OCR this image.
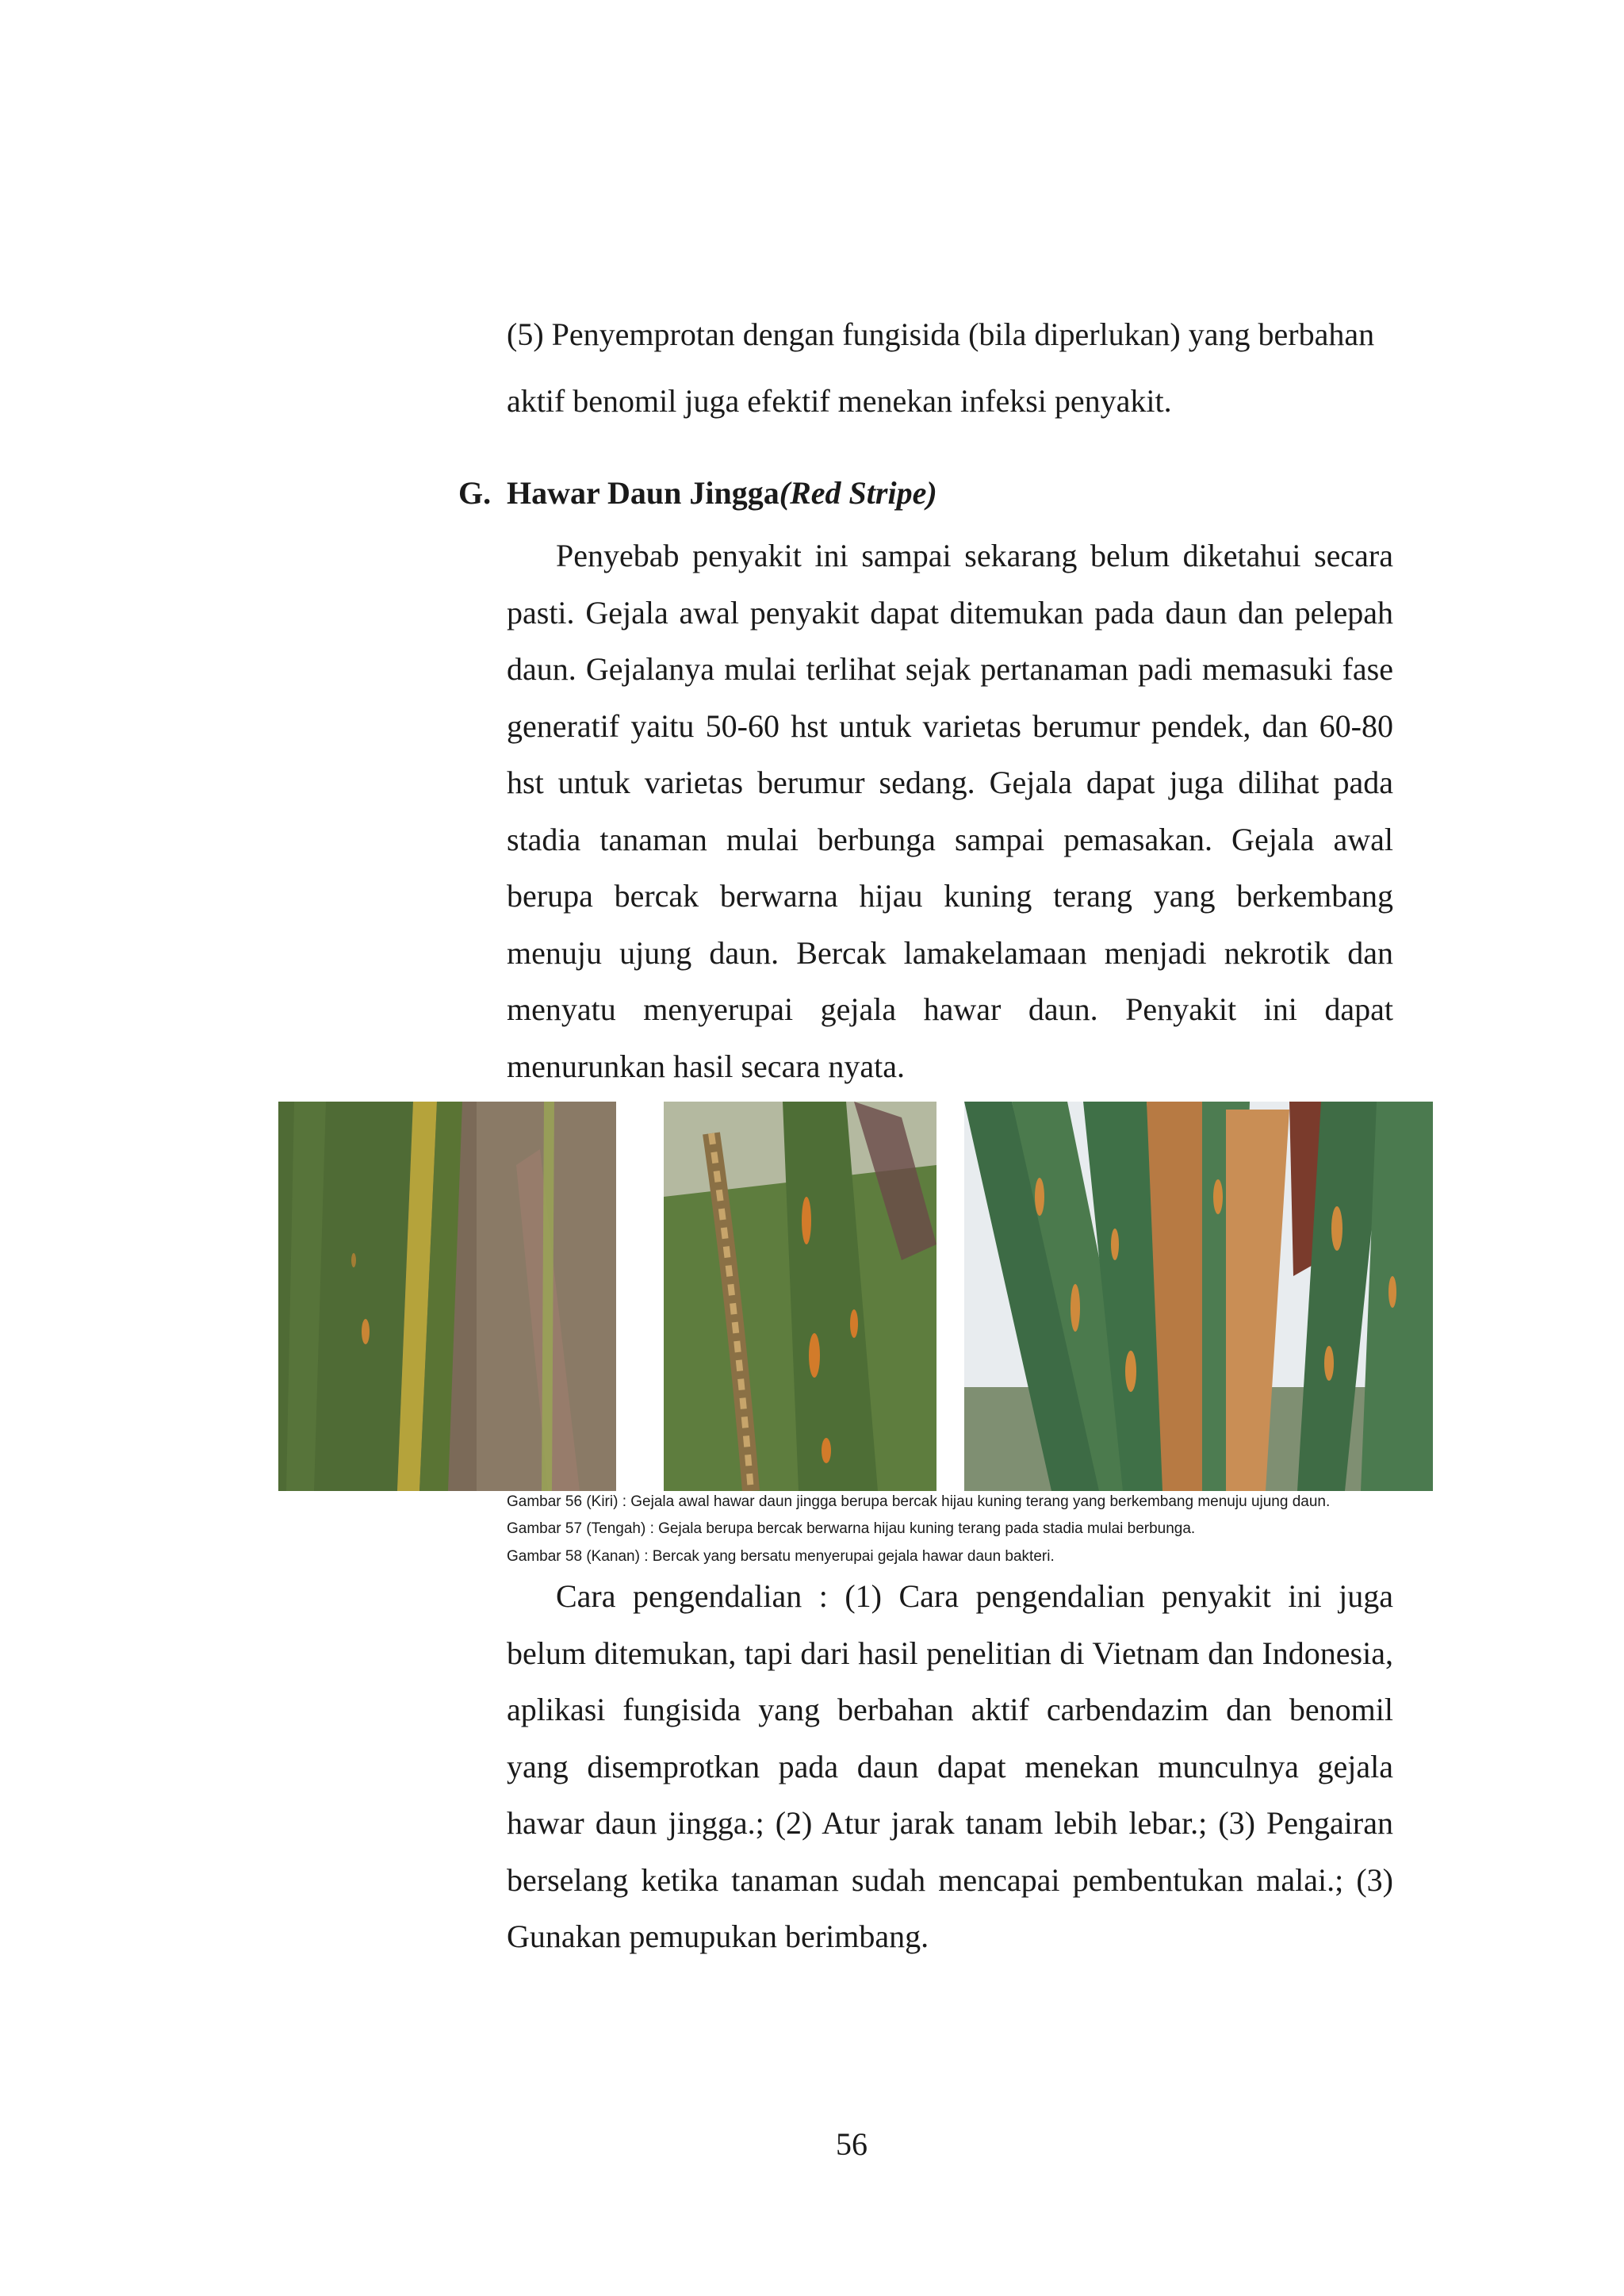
(5) Penyemprotan dengan fungisida (bila diperlukan) yang berbahan aktif benomil juga efektif menekan infeksi penyakit.

G. Hawar Daun Jingga (Red Stripe)

Penyebab penyakit ini sampai sekarang belum diketahui secara pasti. Gejala awal penyakit dapat ditemukan pada daun dan pelepah daun. Gejalanya mulai terlihat sejak pertanaman padi memasuki fase generatif yaitu 50-60 hst untuk varietas berumur pendek, dan 60-80 hst untuk varietas berumur sedang. Gejala dapat juga dilihat pada stadia tanaman mulai berbunga sampai pemasakan. Gejala awal berupa bercak berwarna hijau kuning terang yang berkembang menuju ujung daun. Bercak lamakelamaan menjadi nekrotik dan menyatu menyerupai gejala hawar daun. Penyakit ini dapat menurunkan hasil secara nyata.

Gambar 56 (Kiri) : Gejala awal hawar daun jingga berupa bercak hijau kuning terang yang berkembang menuju ujung daun.

Gambar 57 (Tengah) : Gejala berupa bercak berwarna hijau kuning terang pada stadia mulai berbunga.

Gambar 58 (Kanan) : Bercak yang bersatu menyerupai gejala hawar daun bakteri.

Cara pengendalian : (1) Cara pengendalian penyakit ini juga belum ditemukan, tapi dari hasil penelitian di Vietnam dan Indonesia, aplikasi fungisida yang berbahan aktif carbendazim dan benomil yang disemprotkan pada daun dapat menekan munculnya gejala hawar daun jingga.; (2) Atur jarak tanam lebih lebar.; (3) Pengairan berselang ketika tanaman sudah mencapai pembentukan malai.; (3) Gunakan pemupukan berimbang.

56
